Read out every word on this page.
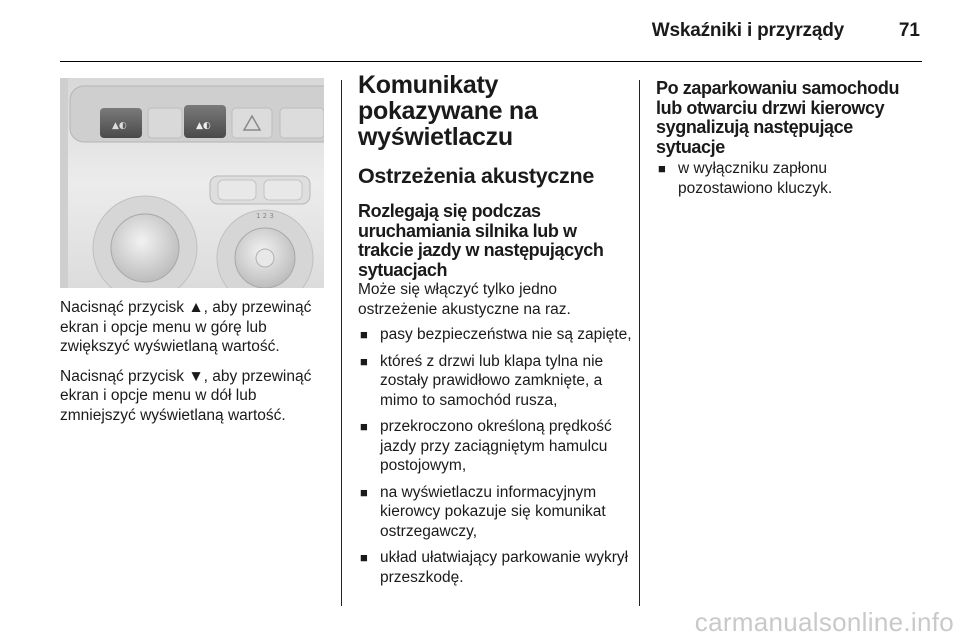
Wskaźniki i przyrządy	71
▲◐	▲◐
1 2 3

Nacisnąć przycisk ▲, aby przewinąć ekran i opcje menu w górę lub zwiększyć wyświetlaną wartość.

Nacisnąć przycisk ▼, aby przewinąć ekran i opcje menu w dół lub zmniejszyć wyświetlaną wartość.

Komunikaty pokazywane na wyświetlaczu
Ostrzeżenia akustyczne
Rozlegają się podczas uruchamiania silnika lub w trakcie jazdy w następujących sytuacjach
Może się włączyć tylko jedno ostrzeżenie akustyczne na raz.
■ pasy bezpieczeństwa nie są zapięte,
■ któreś z drzwi lub klapa tylna nie zostały prawidłowo zamknięte, a mimo to samochód rusza,
■ przekroczono określoną prędkość jazdy przy zaciągniętym hamulcu postojowym,
■ na wyświetlaczu informacyjnym kierowcy pokazuje się komunikat ostrzegawczy,
■ układ ułatwiający parkowanie wykrył przeszkodę.
Po zaparkowaniu samochodu lub otwarciu drzwi kierowcy sygnalizują następujące sytuacje
■ w wyłączniku zapłonu pozostawiono kluczyk.
carmanualsonline.info
